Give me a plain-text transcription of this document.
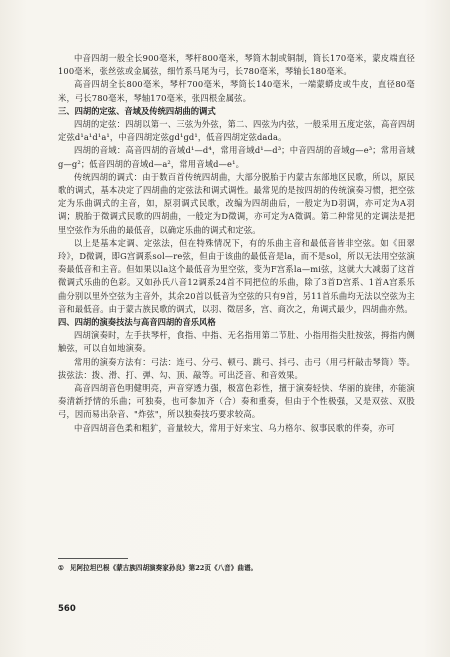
中音四胡一般全长900毫米，琴杆800毫米，琴筒木制或铜制，筒长170毫米，蒙皮端直径100毫米，张丝弦或金属弦，细竹系马尾为弓，长780毫米，琴轴长180毫米。

高音四胡全长800毫米，琴杆700毫米，琴筒长140毫米，一端蒙蟒皮或牛皮，直径80毫米，弓长780毫米，琴轴170毫米，张四根金属弦。

三、四胡的定弦、音域及传统四胡曲的调式

四胡的定弦：四胡以第一、三弦为外弦，第二、四弦为内弦，一般采用五度定弦，高音四胡定弦d¹a¹d¹a¹，中音四胡定弦gd¹gd¹，低音四胡定弦dada。

四胡的音域：高音四胡的音域d¹—d⁴，常用音域d¹—d³；中音四胡的音域g—e³；常用音域g—g²；低音四胡的音域d—a²，常用音域d—e¹。

传统四胡的调式：由于数百首传统四胡曲，大部分脱胎于内蒙古东部地区民歌，所以，原民歌的调式，基本决定了四胡曲的定弦法和调式调性。最常见的是按四胡的传统演奏习惯，把空弦定为乐曲调式的主音，如，原羽调式民歌，改编为四胡曲后，一般定为D羽调，亦可定为A羽调；脱胎于徵调式民歌的四胡曲，一般定为D徵调，亦可定为A徵调。第二种常见的定调法是把里空弦作为乐曲的最低音，以确定乐曲的调式和定弦。

以上是基本定调、定弦法，但在特殊情况下，有的乐曲主音和最低音皆非空弦。如《田翠玲》，D微调，即G宫调系sol—re弦，但由于该曲的最低音是la，而不是sol，所以无法用空弦演奏最低音和主音。但如果以la这个最低音为里空弦，变为F宫系la—mi弦，这就大大减弱了这首微调式乐曲的色彩。又如孙氏八音12调系24首不同把位的乐曲，除了3首D宫系、1首A宫系乐曲分别以里外空弦为主音外，其余20首以低音为空弦的只有9首，另11首乐曲均无法以空弦为主音和最低音。由于蒙古族民歌的调式，以羽、徵居多，宫、商次之，角调式最少，四胡曲亦然。

四、四胡的演奏技法与高音四胡的音乐风格

四胡演奏时，左手扶琴杆，食指、中指、无名指用第二节肚、小指用指尖肚按弦，拇指内侧触弦，可以自如地演奏。

常用的演奏方法有：弓法：连弓、分弓、顿弓、跳弓、抖弓、击弓（用弓杆敲击琴筒）等。拔弦法：拨、滑、打、弹、勾、顶、敲等。可出泛音、和音效果。

高音四胡音色明健明亮，声音穿透力强，极富色彩性，擅于演奏轻快、华丽的旋律，亦能演奏清新抒情的乐曲；可独奏，也可参加齐（合）奏和重奏，但由于个性极强，又是双弦、双股弓，因而易出杂音、"炸弦"，所以独奏技巧要求较高。

中音四胡音色柔和粗犷，音量较大，常用于好来宝、乌力格尔、叙事民歌的伴奏，亦可

① 见阿拉坦巴根《蒙古族四胡演奏家孙良》第22页《八音》曲谱。
560
